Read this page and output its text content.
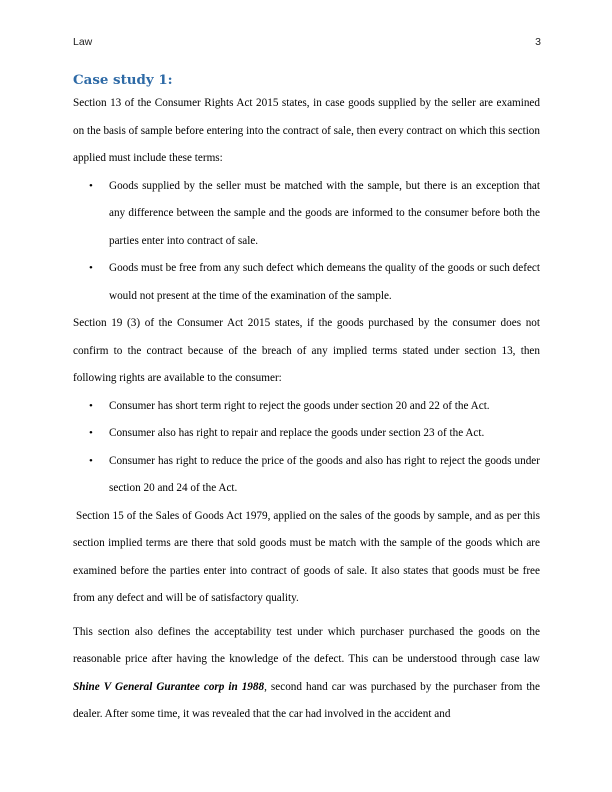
Law	3
Case study 1:

Section 13 of the Consumer Rights Act 2015 states, in case goods supplied by the seller are examined on the basis of sample before entering into the contract of sale, then every contract on which this section applied must include these terms:

• Goods supplied by the seller must be matched with the sample, but there is an exception that any difference between the sample and the goods are informed to the consumer before both the parties enter into contract of sale.
• Goods must be free from any such defect which demeans the quality of the goods or such defect would not present at the time of the examination of the sample.

Section 19 (3) of the Consumer Act 2015 states, if the goods purchased by the consumer does not confirm to the contract because of the breach of any implied terms stated under section 13, then following rights are available to the consumer:

• Consumer has short term right to reject the goods under section 20 and 22 of the Act.
• Consumer also has right to repair and replace the goods under section 23 of the Act.
• Consumer has right to reduce the price of the goods and also has right to reject the goods under section 20 and 24 of the Act.

Section 15 of the Sales of Goods Act 1979, applied on the sales of the goods by sample, and as per this section implied terms are there that sold goods must be match with the sample of the goods which are examined before the parties enter into contract of goods of sale. It also states that goods must be free from any defect and will be of satisfactory quality.

This section also defines the acceptability test under which purchaser purchased the goods on the reasonable price after having the knowledge of the defect. This can be understood through case law Shine V General Gurantee corp in 1988, second hand car was purchased by the purchaser from the dealer. After some time, it was revealed that the car had involved in the accident and
